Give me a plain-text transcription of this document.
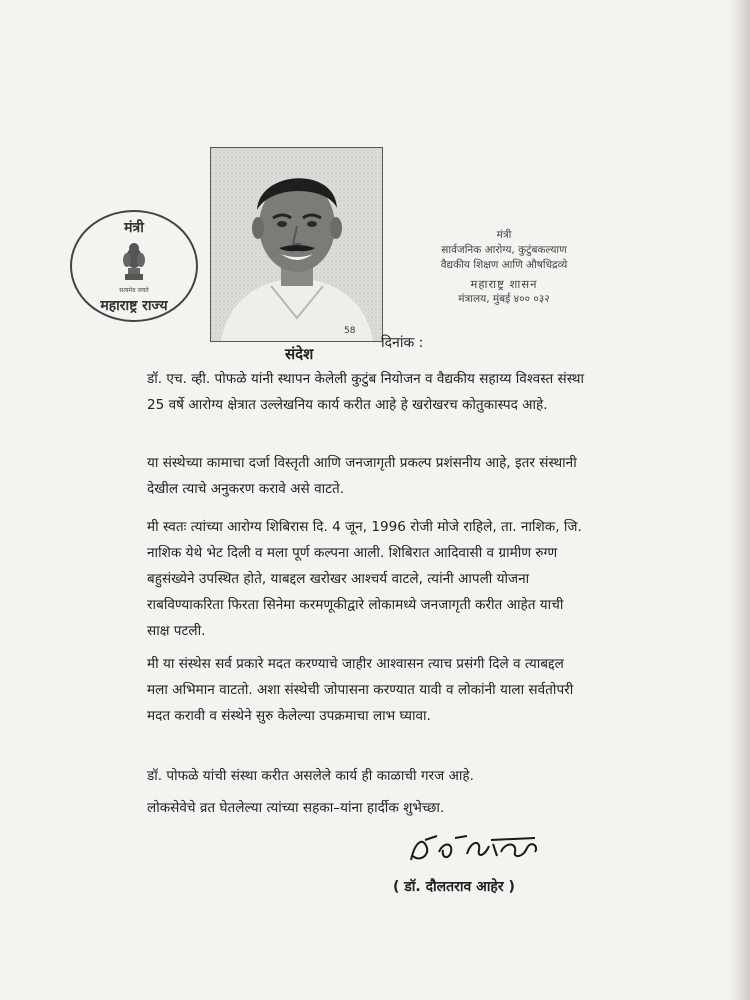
मंत्री
सत्यमेव जयते
महाराष्ट्र राज्य
58
मंत्री
सार्वजनिक आरोग्य, कुटुंबकल्याण
वैद्यकीय शिक्षण आणि औषधिद्रव्ये
महाराष्ट्र शासन
मंत्रालय, मुंबई ४०० ०३२
दिनांक :
संदेश

डॉ. एच. व्ही. पोफळे यांनी स्थापन केलेली कुटुंब नियोजन व वैद्यकीय सहाय्य विश्वस्त संस्था 25 वर्षे आरोग्य क्षेत्रात उल्लेखनिय कार्य करीत आहे हे खरोखरच कोतुकास्पद आहे.

या संस्थेच्या कामाचा दर्जा विस्तृती आणि जनजागृती प्रकल्प प्रशंसनीय आहे, इतर संस्थानी देखील त्याचे अनुकरण करावे असे वाटते.

मी स्वतः त्यांच्या आरोग्य शिबिरास दि. 4 जून, 1996 रोजी मोजे राहिले, ता. नाशिक, जि. नाशिक येथे भेट दिली व मला पूर्ण कल्पना आली. शिबिरात आदिवासी व ग्रामीण रुग्ण बहुसंख्येने उपस्थित होते, याबद्दल खरोखर आश्चर्य वाटले, त्यांनी आपली योजना राबविण्याकरिता फिरता सिनेमा करमणूकीद्वारे लोकामध्ये जनजागृती करीत आहेत याची साक्ष पटली.

मी या संस्थेस सर्व प्रकारे मदत करण्याचे जाहीर आश्वासन त्याच प्रसंगी दिले व त्याबद्दल मला अभिमान वाटतो. अशा संस्थेची जोपासना करण्यात यावी व लोकांनी याला सर्वतोपरी मदत करावी व संस्थेने सुरु केलेल्या उपक्रमाचा लाभ घ्यावा.

डॉ. पोफळे यांची संस्था करीत असलेले कार्य ही काळाची गरज आहे.

लोकसेवेचे व्रत घेतलेल्या त्यांच्या सहका–यांना हार्दीक शुभेच्छा.

( डॉ. दौलतराव आहेर )
